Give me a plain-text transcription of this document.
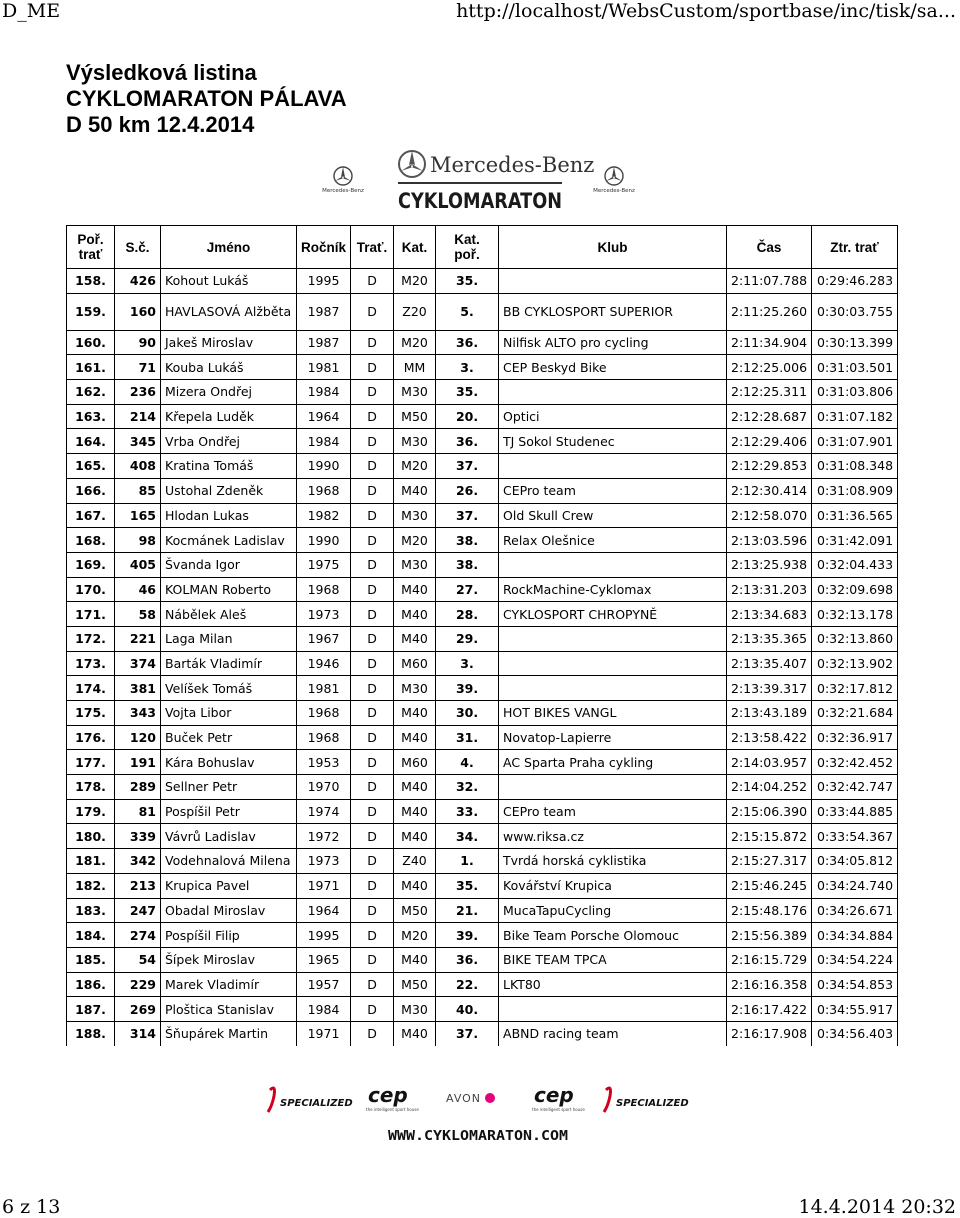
D_ME	http://localhost/WebsCustom/sportbase/inc/tisk/sa...
Výsledková listina
CYKLOMARATON PÁLAVA
D 50 km 12.4.2014
Mercedes-Benz
Mercedes-Benz
CYKLOMARATON	Mercedes-Benz
Poř. trať	S.č.	Jméno	Ročník	Trať.	Kat.	Kat. poř.	Klub	Čas	Ztr. trať
158.	426	Kohout Lukáš	1995	D	M20	35.		2:11:07.788	0:29:46.283
159.	160	HAVLASOVÁ Alžběta	1987	D	Z20	5.	BB CYKLOSPORT SUPERIOR	2:11:25.260	0:30:03.755
160.	90	Jakeš Miroslav	1987	D	M20	36.	Nilfisk ALTO pro cycling	2:11:34.904	0:30:13.399
161.	71	Kouba Lukáš	1981	D	MM	3.	CEP Beskyd Bike	2:12:25.006	0:31:03.501
162.	236	Mizera Ondřej	1984	D	M30	35.		2:12:25.311	0:31:03.806
163.	214	Křepela Luděk	1964	D	M50	20.	Optici	2:12:28.687	0:31:07.182
164.	345	Vrba Ondřej	1984	D	M30	36.	TJ Sokol Studenec	2:12:29.406	0:31:07.901
165.	408	Kratina Tomáš	1990	D	M20	37.		2:12:29.853	0:31:08.348
166.	85	Ustohal Zdeněk	1968	D	M40	26.	CEPro team	2:12:30.414	0:31:08.909
167.	165	Hlodan Lukas	1982	D	M30	37.	Old Skull Crew	2:12:58.070	0:31:36.565
168.	98	Kocmánek Ladislav	1990	D	M20	38.	Relax Olešnice	2:13:03.596	0:31:42.091
169.	405	Švanda Igor	1975	D	M30	38.		2:13:25.938	0:32:04.433
170.	46	KOLMAN Roberto	1968	D	M40	27.	RockMachine-Cyklomax	2:13:31.203	0:32:09.698
171.	58	Nábělek Aleš	1973	D	M40	28.	CYKLOSPORT CHROPYNĚ	2:13:34.683	0:32:13.178
172.	221	Laga Milan	1967	D	M40	29.		2:13:35.365	0:32:13.860
173.	374	Barták Vladimír	1946	D	M60	3.		2:13:35.407	0:32:13.902
174.	381	Velíšek Tomáš	1981	D	M30	39.		2:13:39.317	0:32:17.812
175.	343	Vojta Libor	1968	D	M40	30.	HOT BIKES VANGL	2:13:43.189	0:32:21.684
176.	120	Buček Petr	1968	D	M40	31.	Novatop-Lapierre	2:13:58.422	0:32:36.917
177.	191	Kára Bohuslav	1953	D	M60	4.	AC Sparta Praha cykling	2:14:03.957	0:32:42.452
178.	289	Sellner Petr	1970	D	M40	32.		2:14:04.252	0:32:42.747
179.	81	Pospíšil Petr	1974	D	M40	33.	CEPro team	2:15:06.390	0:33:44.885
180.	339	Vávrů Ladislav	1972	D	M40	34.	www.riksa.cz	2:15:15.872	0:33:54.367
181.	342	Vodehnalová Milena	1973	D	Z40	1.	Tvrdá horská cyklistika	2:15:27.317	0:34:05.812
182.	213	Krupica Pavel	1971	D	M40	35.	Kovářství Krupica	2:15:46.245	0:34:24.740
183.	247	Obadal Miroslav	1964	D	M50	21.	MucaTapuCycling	2:15:48.176	0:34:26.671
184.	274	Pospíšil Filip	1995	D	M20	39.	Bike Team Porsche Olomouc	2:15:56.389	0:34:34.884
185.	54	Šípek Miroslav	1965	D	M40	36.	BIKE TEAM TPCA	2:16:15.729	0:34:54.224
186.	229	Marek Vladimír	1957	D	M50	22.	LKT80	2:16:16.358	0:34:54.853
187.	269	Ploštica Stanislav	1984	D	M30	40.		2:16:17.422	0:34:55.917
188.	314	Šňupárek Martin	1971	D	M40	37.	ABND racing team	2:16:17.908	0:34:56.403
SPECIALIZED cep
the intelligent sport house
AVON	cep
the intelligent sport house
SPECIALIZED
WWW.CYKLOMARATON.COM
6 z 13	14.4.2014 20:32
